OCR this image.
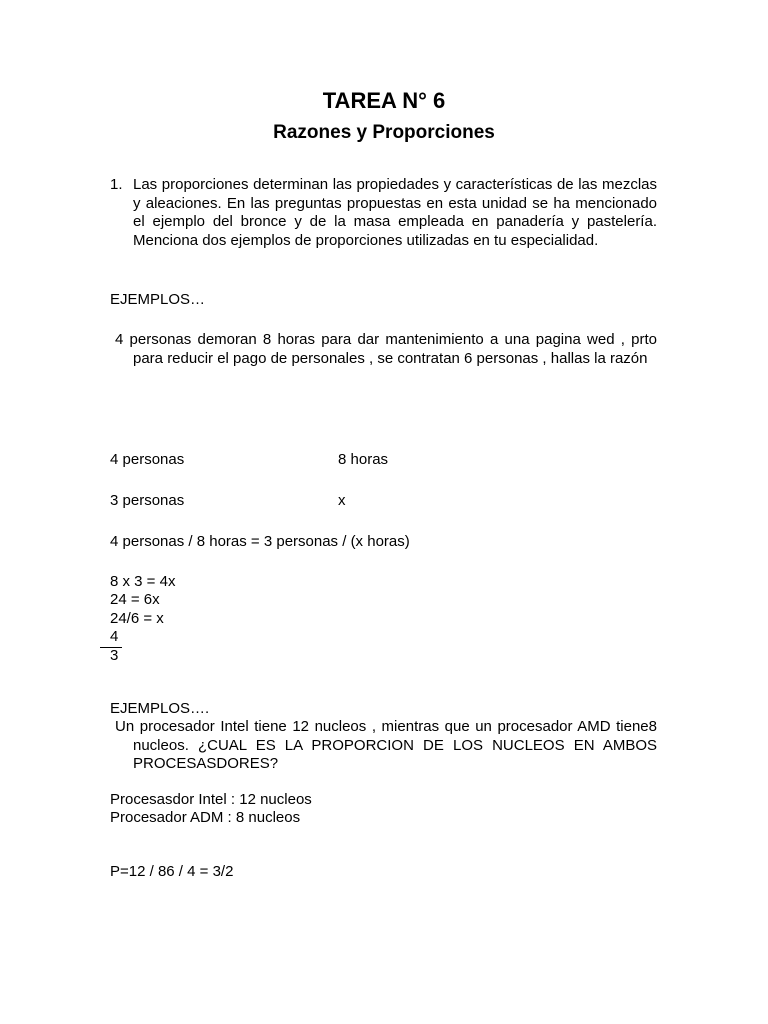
TAREA N° 6
Razones y Proporciones
1. Las proporciones determinan las propiedades y características de las mezclas y aleaciones. En las preguntas propuestas en esta unidad se ha mencionado el ejemplo del bronce y de la masa empleada en panadería y pastelería. Menciona dos ejemplos de proporciones utilizadas en tu especialidad.
EJEMPLOS…
4 personas demoran 8 horas para dar mantenimiento a una pagina wed , prto para reducir el pago de personales , se contratan 6 personas , hallas la razón
4 personas	8 horas
3 personas	x
4 personas / 8 horas = 3 personas / (x horas)
8 x 3 = 4x
24 = 6x
24/6 = x
4
3
EJEMPLOS….
Un procesador Intel tiene 12 nucleos , mientras que un procesador AMD tiene8 nucleos. ¿CUAL ES LA PROPORCION DE LOS NUCLEOS EN AMBOS PROCESASDORES?
Procesasdor Intel : 12 nucleos
Procesador ADM : 8 nucleos
P=12 / 86 / 4 = 3/2
